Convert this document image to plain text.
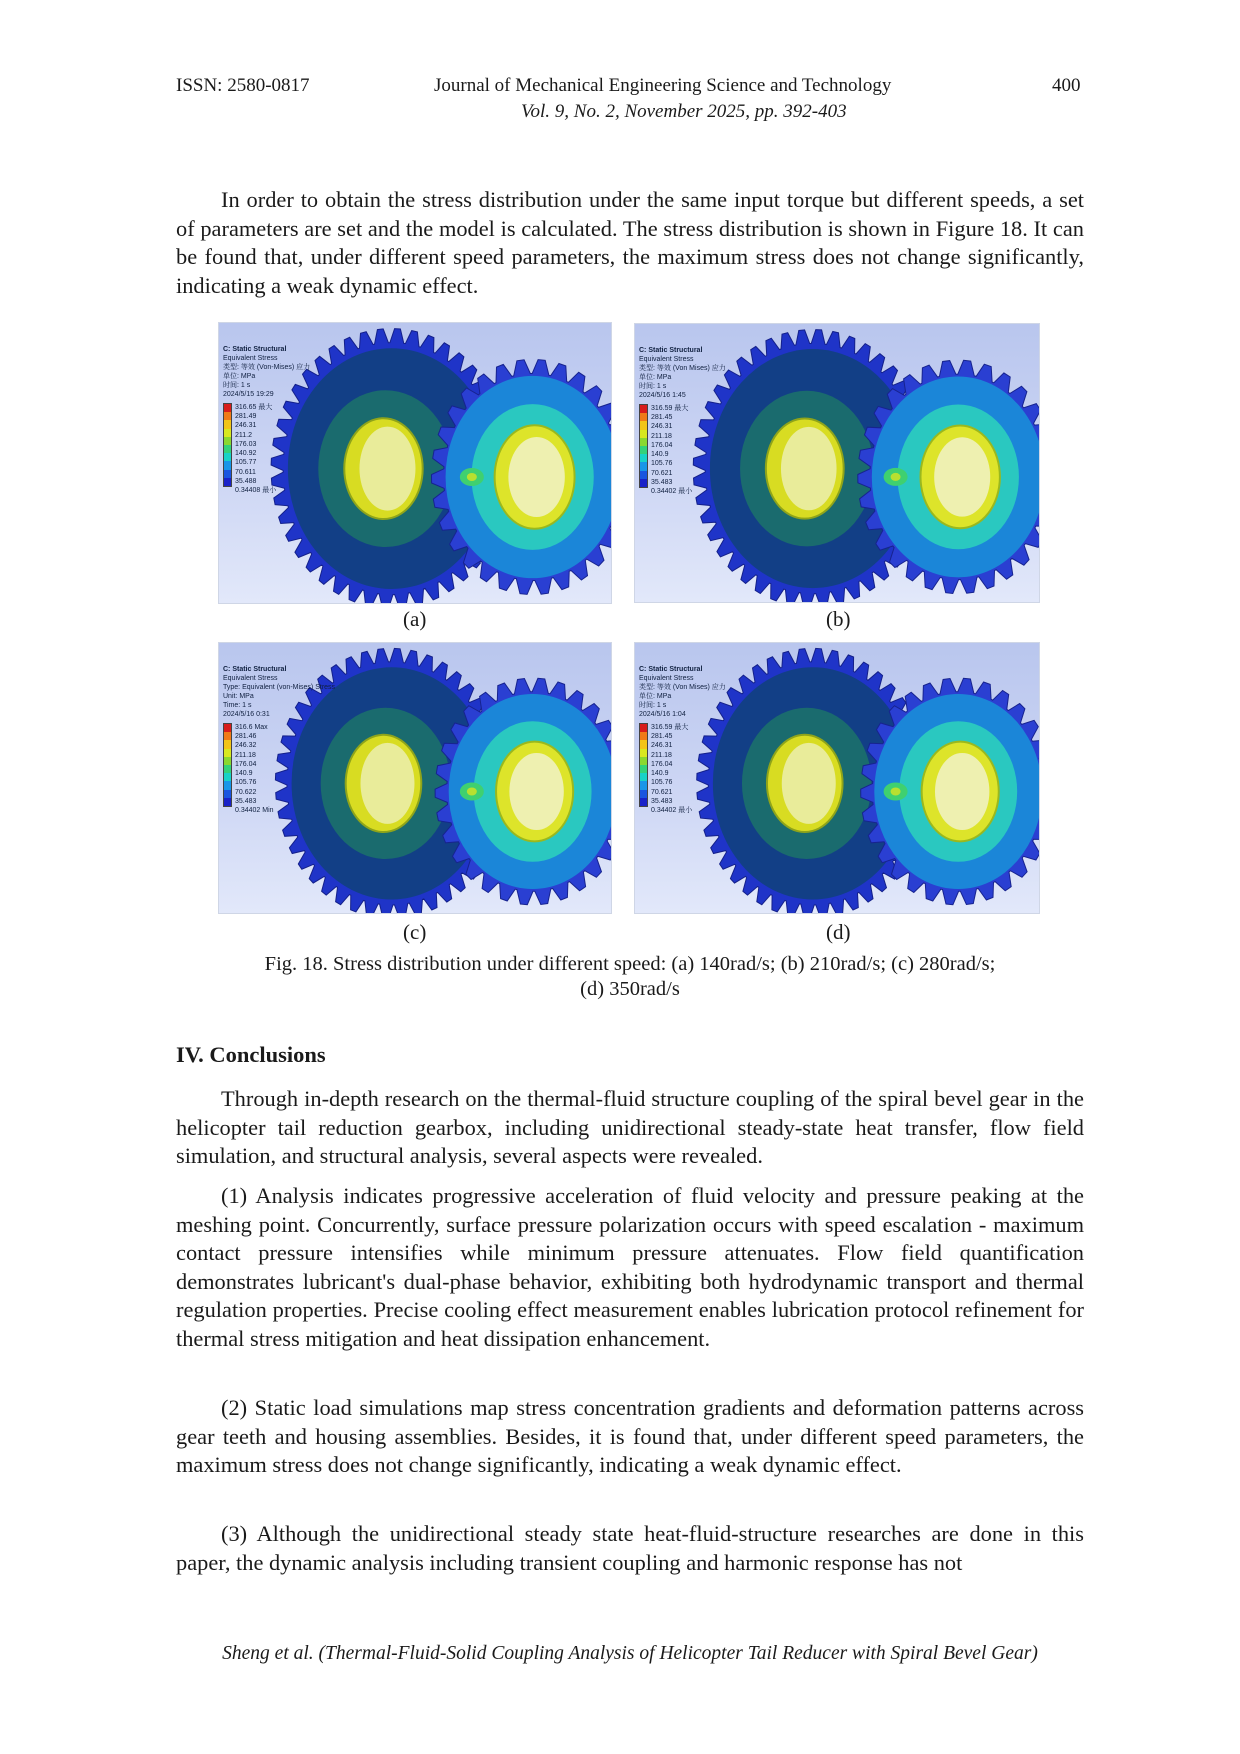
ISSN: 2580-0817	Journal of Mechanical Engineering Science and Technology
Vol. 9, No. 2, November 2025, pp. 392-403
400

In order to obtain the stress distribution under the same input torque but different speeds, a set of parameters are set and the model is calculated. The stress distribution is shown in Figure 18. It can be found that, under different speed parameters, the maximum stress does not change significantly, indicating a weak dynamic effect.

C: Static Structural
Equivalent Stress
类型: 等效 (Von-Mises) 应力
单位: MPa
时间: 1 s
2024/5/15 19:29
316.65 最大
281.49
246.31
211.2
176.03
140.92
105.77
70.611
35.488
0.34408 最小
C: Static Structural
Equivalent Stress
类型: 等效 (Von Mises) 应力
单位: MPa
时间: 1 s
2024/5/16 1:45
316.59 最大
281.45
246.31
211.18
176.04
140.9
105.76
70.621
35.483
0.34402 最小
C: Static Structural
Equivalent Stress
Type: Equivalent (von-Mises) Stress
Unit: MPa
Time: 1 s
2024/5/16 0:31
316.6 Max
281.46
246.32
211.18
176.04
140.9
105.76
70.622
35.483
0.34402 Min
C: Static Structural
Equivalent Stress
类型: 等效 (Von Mises) 应力
单位: MPa
时间: 1 s
2024/5/16 1:04
316.59 最大
281.45
246.31
211.18
176.04
140.9
105.76
70.621
35.483
0.34402 最小
(a)	(b)
(c)	(d)
Fig. 18. Stress distribution under different speed: (a) 140rad/s; (b) 210rad/s; (c) 280rad/s;
(d) 350rad/s
IV. Conclusions

Through in-depth research on the thermal-fluid structure coupling of the spiral bevel gear in the helicopter tail reduction gearbox, including unidirectional steady-state heat transfer, flow field simulation, and structural analysis, several aspects were revealed.

(1) Analysis indicates progressive acceleration of fluid velocity and pressure peaking at the meshing point. Concurrently, surface pressure polarization occurs with speed escalation - maximum contact pressure intensifies while minimum pressure attenuates. Flow field quantification demonstrates lubricant's dual-phase behavior, exhibiting both hydrodynamic transport and thermal regulation properties. Precise cooling effect measurement enables lubrication protocol refinement for thermal stress mitigation and heat dissipation enhancement.

(2) Static load simulations map stress concentration gradients and deformation patterns across gear teeth and housing assemblies. Besides, it is found that, under different speed parameters, the maximum stress does not change significantly, indicating a weak dynamic effect.

(3) Although the unidirectional steady state heat-fluid-structure researches are done in this paper, the dynamic analysis including transient coupling and harmonic response has not

Sheng et al. (Thermal-Fluid-Solid Coupling Analysis of Helicopter Tail Reducer with Spiral Bevel Gear)
